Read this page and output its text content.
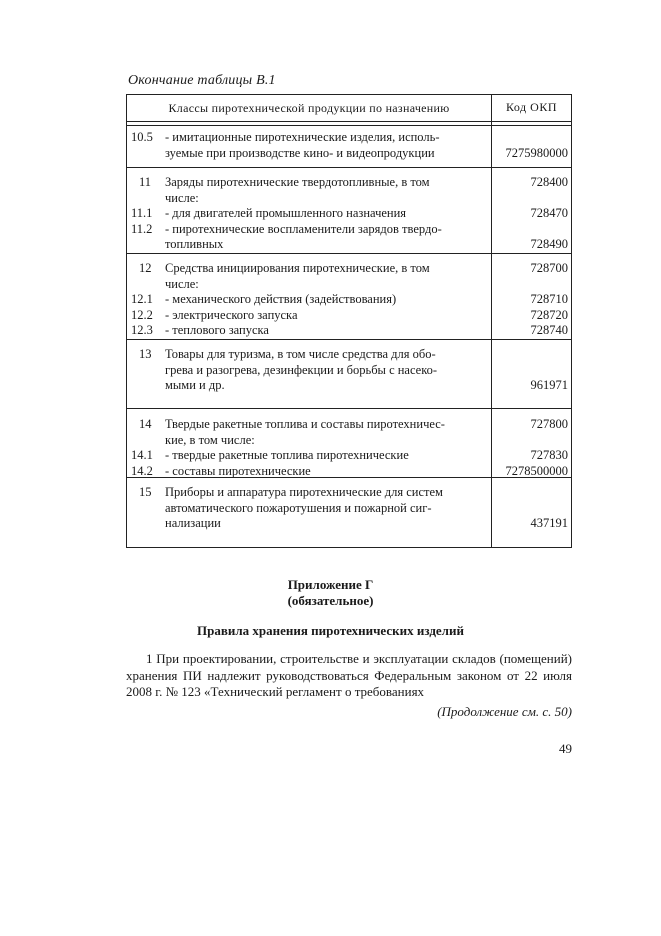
Окончание таблицы В.1
Классы пиротехнической продукции по назначению	Код ОКП
10.5 - имитационные пиротехнические изделия, исполь-
зуемые при производстве кино- и видеопродукции	7275980000
11	Заряды пиротехнические твердотопливные, в том	728400
числе:
11.1	- для двигателей промышленного назначения	728470
11.2	- пиротехнические воспламенители зарядов твердо-
топливных	728490
12	Средства инициирования пиротехнические, в том	728700
числе:
12.1 - механического действия (задействования)	728710
12.2 - электрического запуска	728720
12.3 - теплового запуска	728740
13	Товары для туризма, в том числе средства для обо-
грева и разогрева, дезинфекции и борьбы с насеко-
мыми и др.	961971
14	Твердые ракетные топлива и составы пиротехничес-	727800
кие, в том числе:
14.1 - твердые ракетные топлива пиротехнические	727830
14.2 - составы пиротехнические	7278500000
15	Приборы и аппаратура пиротехнические для систем
автоматического пожаротушения и пожарной сиг-
нализации	437191
Приложение Г
(обязательное)
Правила хранения пиротехнических изделий
1 При проектировании, строительстве и эксплуатации складов (помещений) хранения ПИ надлежит руководствоваться Федеральным законом от 22 июля 2008 г. № 123 «Технический регламент о требованиях
(Продолжение см. с. 50)
49
